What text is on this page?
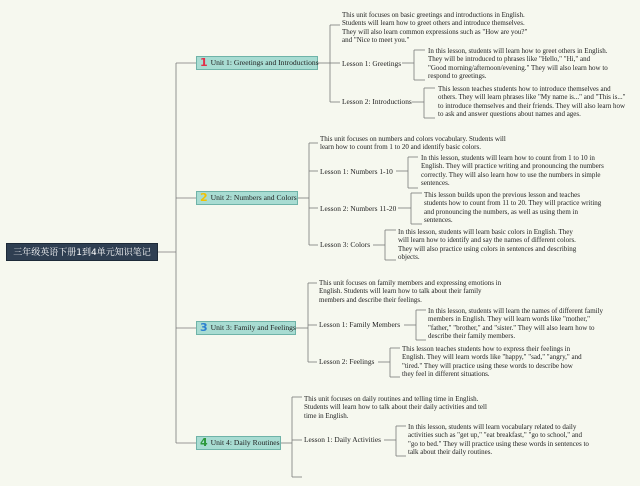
三年级英语下册1到4单元知识笔记
1 Unit 1: Greetings and Introductions
This unit focuses on basic greetings and introductions in English. Students will learn how to greet others and introduce themselves. They will also learn common expressions such as "How are you?" and "Nice to meet you."
Lesson 1: Greetings
In this lesson, students will learn how to greet others in English. They will be introduced to phrases like "Hello," "Hi," and "Good morning/afternoon/evening." They will also learn how to respond to greetings.
Lesson 2: Introductions
This lesson teaches students how to introduce themselves and others. They will learn phrases like "My name is..." and "This is..." to introduce themselves and their friends. They will also learn how to ask and answer questions about names and ages.
2 Unit 2: Numbers and Colors
This unit focuses on numbers and colors vocabulary. Students will learn how to count from 1 to 20 and identify basic colors.
Lesson 1: Numbers 1-10
In this lesson, students will learn how to count from 1 to 10 in English. They will practice writing and pronouncing the numbers correctly. They will also learn how to use the numbers in simple sentences.
Lesson 2: Numbers 11-20
This lesson builds upon the previous lesson and teaches students how to count from 11 to 20. They will practice writing and pronouncing the numbers, as well as using them in sentences.
Lesson 3: Colors
In this lesson, students will learn basic colors in English. They will learn how to identify and say the names of different colors. They will also practice using colors in sentences and describing objects.
3 Unit 3: Family and Feelings
This unit focuses on family members and expressing emotions in English. Students will learn how to talk about their family members and describe their feelings.
Lesson 1: Family Members
In this lesson, students will learn the names of different family members in English. They will learn words like "mother," "father," "brother," and "sister." They will also learn how to describe their family members.
Lesson 2: Feelings
This lesson teaches students how to express their feelings in English. They will learn words like "happy," "sad," "angry," and "tired." They will practice using these words to describe how they feel in different situations.
4 Unit 4: Daily Routines
This unit focuses on daily routines and telling time in English. Students will learn how to talk about their daily activities and tell time in English.
Lesson 1: Daily Activities
In this lesson, students will learn vocabulary related to daily activities such as "get up," "eat breakfast," "go to school," and "go to bed." They will practice using these words in sentences to talk about their daily routines.
